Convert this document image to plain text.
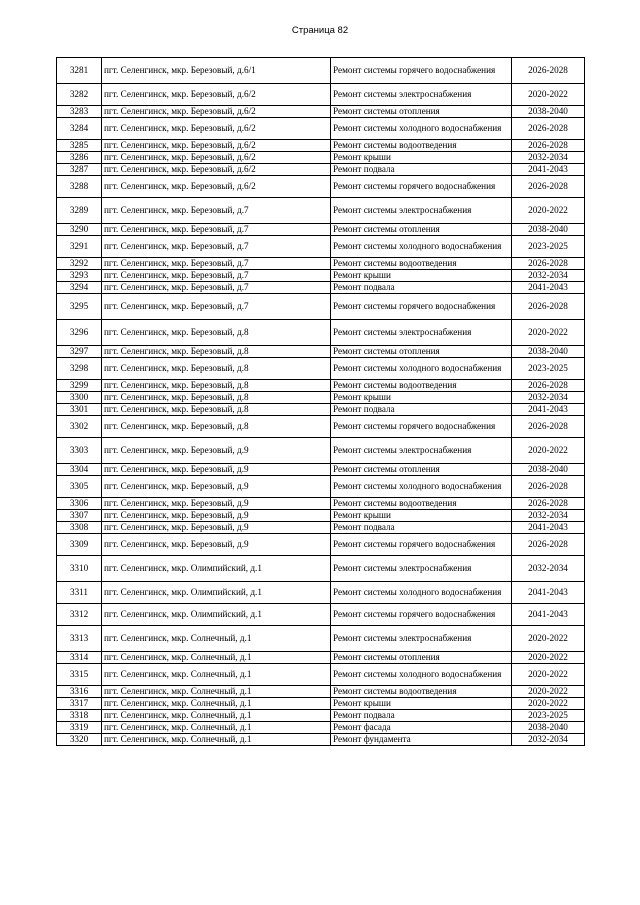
Страница 82
3281	пгт. Селенгинск, мкр. Березовый, д.6/1	Ремонт системы горячего водоснабжения	2026-2028
3282	пгт. Селенгинск, мкр. Березовый, д.6/2	Ремонт системы электроснабжения	2020-2022
3283	пгт. Селенгинск, мкр. Березовый, д.6/2	Ремонт системы отопления	2038-2040
3284	пгт. Селенгинск, мкр. Березовый, д.6/2	Ремонт системы холодного водоснабжения	2026-2028
3285	пгт. Селенгинск, мкр. Березовый, д.6/2	Ремонт системы водоотведения	2026-2028
3286	пгт. Селенгинск, мкр. Березовый, д.6/2	Ремонт крыши	2032-2034
3287	пгт. Селенгинск, мкр. Березовый, д.6/2	Ремонт подвала	2041-2043
3288	пгт. Селенгинск, мкр. Березовый, д.6/2	Ремонт системы горячего водоснабжения	2026-2028
3289	пгт. Селенгинск, мкр. Березовый, д.7	Ремонт системы электроснабжения	2020-2022
3290	пгт. Селенгинск, мкр. Березовый, д.7	Ремонт системы отопления	2038-2040
3291	пгт. Селенгинск, мкр. Березовый, д.7	Ремонт системы холодного водоснабжения	2023-2025
3292	пгт. Селенгинск, мкр. Березовый, д.7	Ремонт системы водоотведения	2026-2028
3293	пгт. Селенгинск, мкр. Березовый, д.7	Ремонт крыши	2032-2034
3294	пгт. Селенгинск, мкр. Березовый, д.7	Ремонт подвала	2041-2043
3295	пгт. Селенгинск, мкр. Березовый, д.7	Ремонт системы горячего водоснабжения	2026-2028
3296	пгт. Селенгинск, мкр. Березовый, д.8	Ремонт системы электроснабжения	2020-2022
3297	пгт. Селенгинск, мкр. Березовый, д.8	Ремонт системы отопления	2038-2040
3298	пгт. Селенгинск, мкр. Березовый, д.8	Ремонт системы холодного водоснабжения	2023-2025
3299	пгт. Селенгинск, мкр. Березовый, д.8	Ремонт системы водоотведения	2026-2028
3300	пгт. Селенгинск, мкр. Березовый, д.8	Ремонт крыши	2032-2034
3301	пгт. Селенгинск, мкр. Березовый, д.8	Ремонт подвала	2041-2043
3302	пгт. Селенгинск, мкр. Березовый, д.8	Ремонт системы горячего водоснабжения	2026-2028
3303	пгт. Селенгинск, мкр. Березовый, д.9	Ремонт системы электроснабжения	2020-2022
3304	пгт. Селенгинск, мкр. Березовый, д.9	Ремонт системы отопления	2038-2040
3305	пгт. Селенгинск, мкр. Березовый, д.9	Ремонт системы холодного водоснабжения	2026-2028
3306	пгт. Селенгинск, мкр. Березовый, д.9	Ремонт системы водоотведения	2026-2028
3307	пгт. Селенгинск, мкр. Березовый, д.9	Ремонт крыши	2032-2034
3308	пгт. Селенгинск, мкр. Березовый, д.9	Ремонт подвала	2041-2043
3309	пгт. Селенгинск, мкр. Березовый, д.9	Ремонт системы горячего водоснабжения	2026-2028
3310	пгт. Селенгинск, мкр. Олимпийский, д.1	Ремонт системы электроснабжения	2032-2034
3311	пгт. Селенгинск, мкр. Олимпийский, д.1	Ремонт системы холодного водоснабжения	2041-2043
3312	пгт. Селенгинск, мкр. Олимпийский, д.1	Ремонт системы горячего водоснабжения	2041-2043
3313	пгт. Селенгинск, мкр. Солнечный, д.1	Ремонт системы электроснабжения	2020-2022
3314	пгт. Селенгинск, мкр. Солнечный, д.1	Ремонт системы отопления	2020-2022
3315	пгт. Селенгинск, мкр. Солнечный, д.1	Ремонт системы холодного водоснабжения	2020-2022
3316	пгт. Селенгинск, мкр. Солнечный, д.1	Ремонт системы водоотведения	2020-2022
3317	пгт. Селенгинск, мкр. Солнечный, д.1	Ремонт крыши	2020-2022
3318	пгт. Селенгинск, мкр. Солнечный, д.1	Ремонт подвала	2023-2025
3319	пгт. Селенгинск, мкр. Солнечный, д.1	Ремонт фасада	2038-2040
3320	пгт. Селенгинск, мкр. Солнечный, д.1	Ремонт фундамента	2032-2034
